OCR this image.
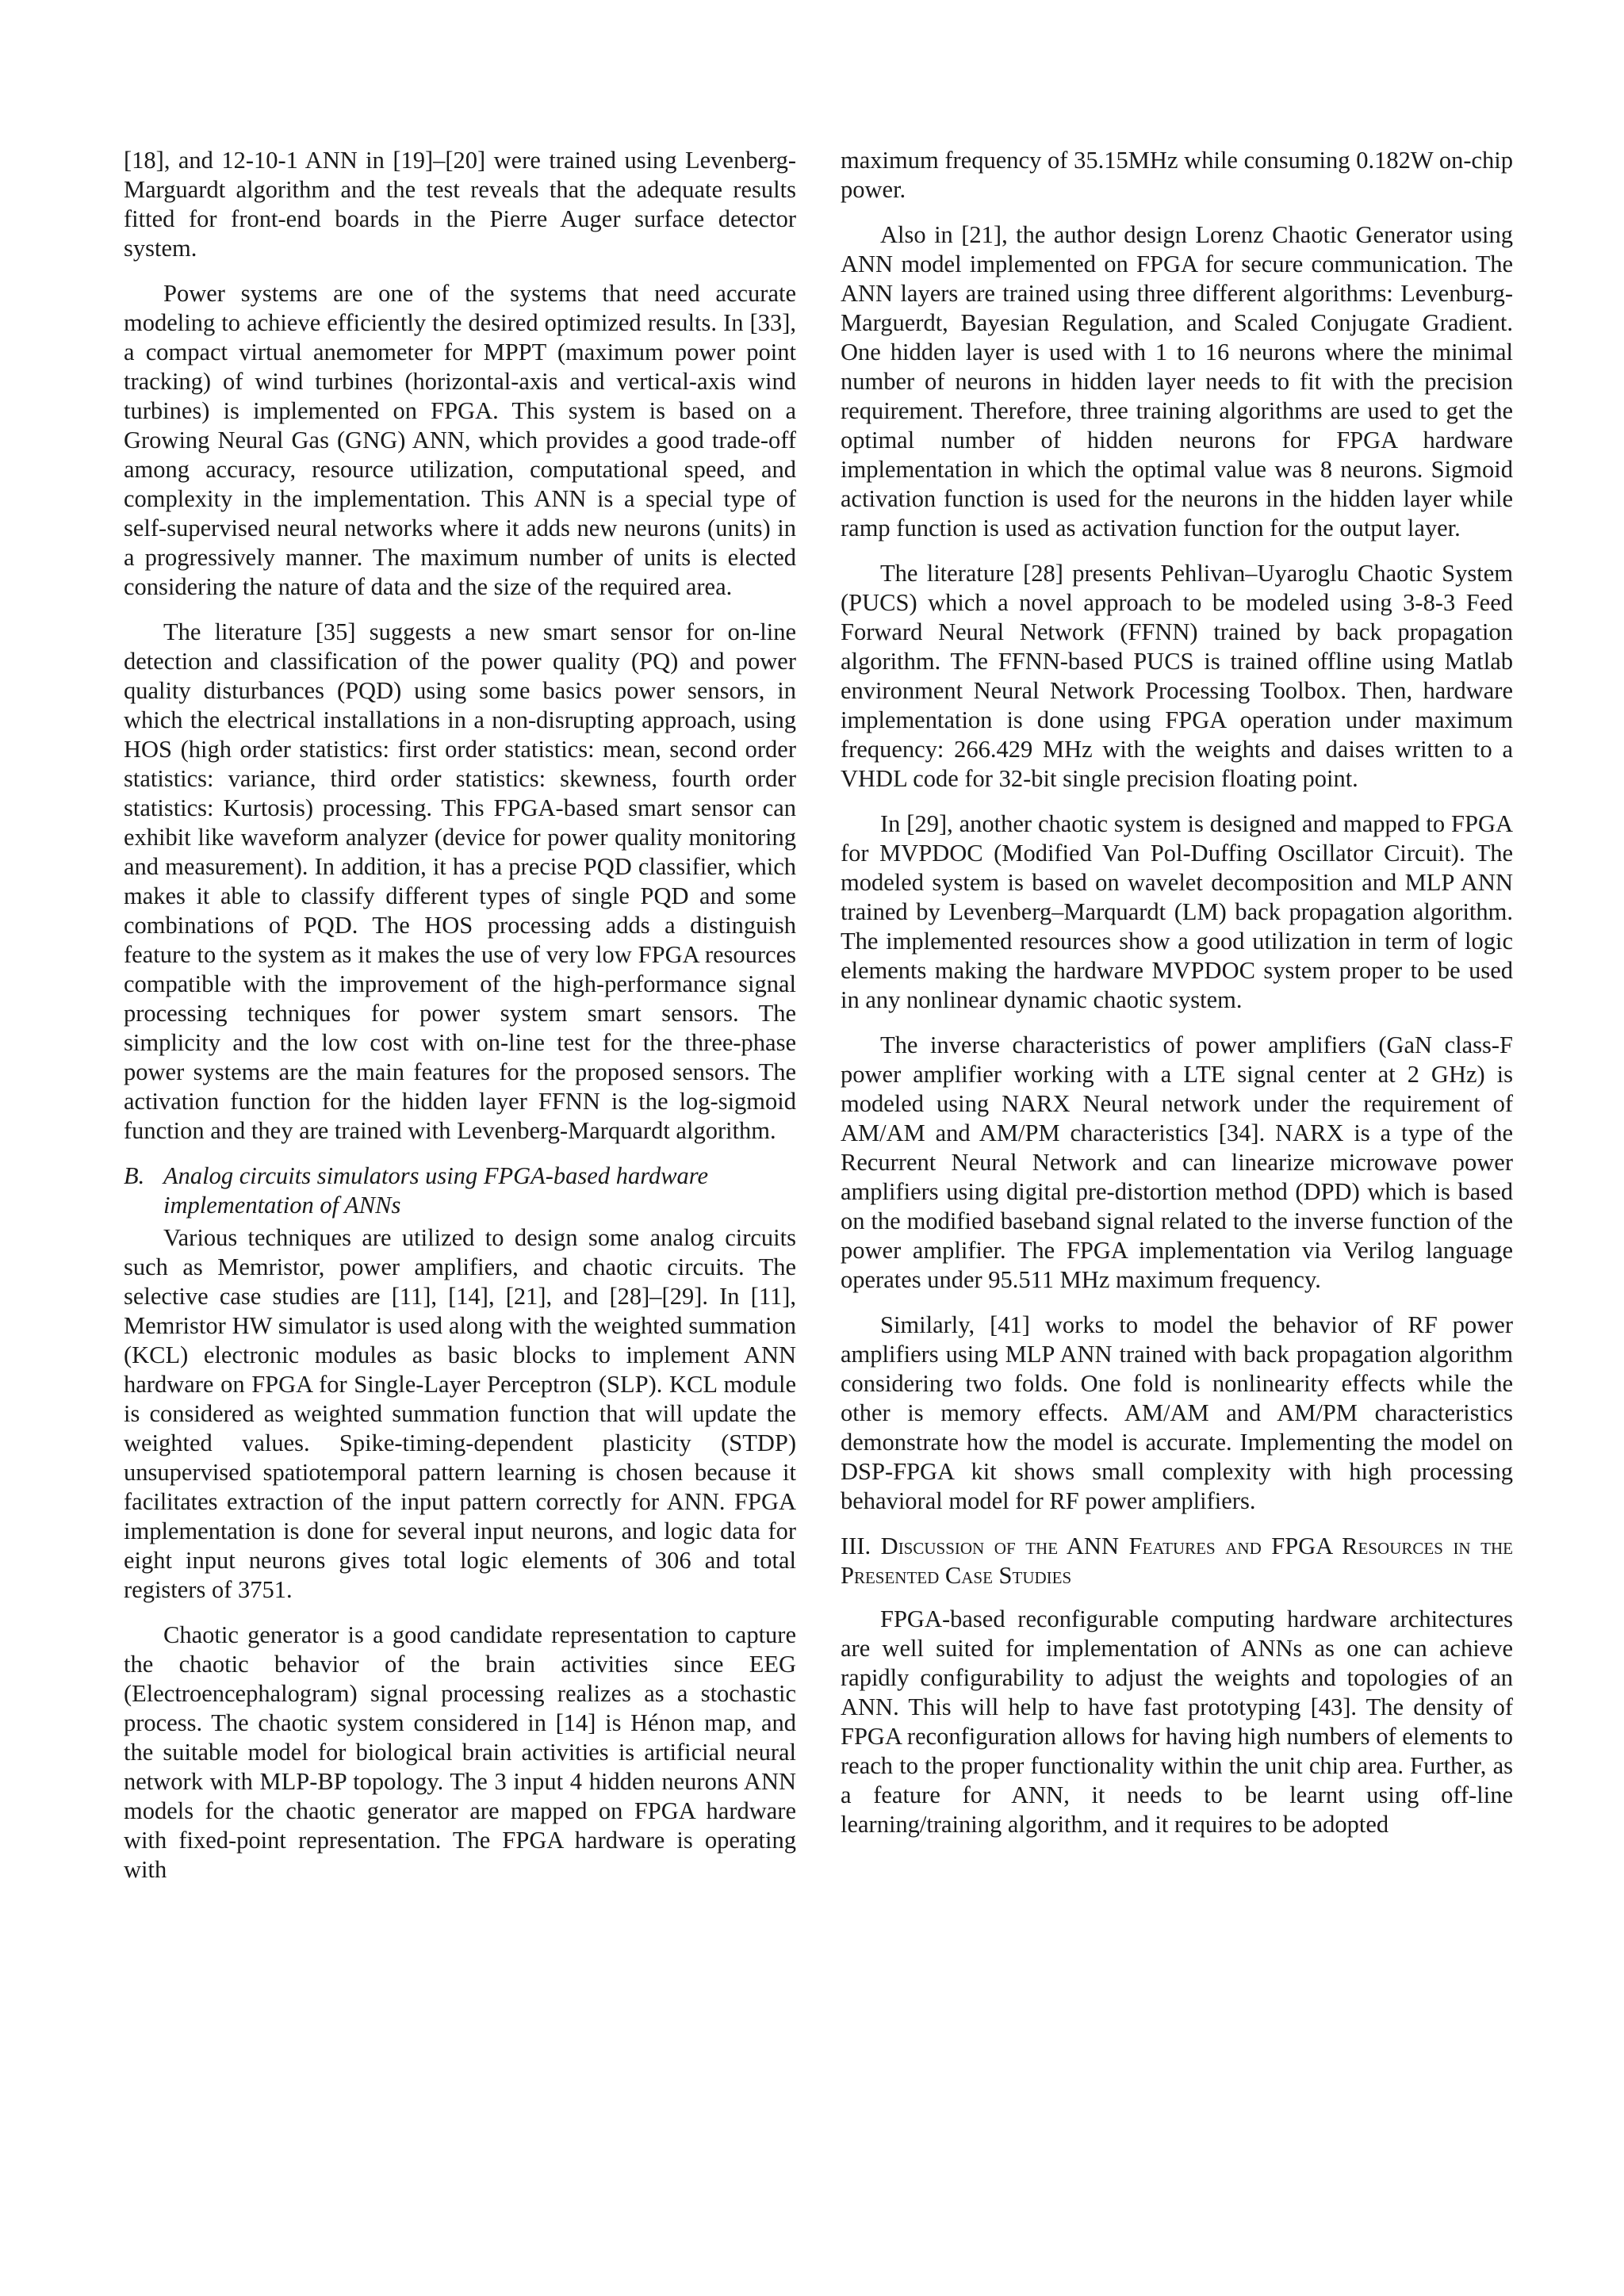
[18], and 12-10-1 ANN in [19]–[20] were trained using Levenberg-Marguardt algorithm and the test reveals that the adequate results fitted for front-end boards in the Pierre Auger surface detector system.

Power systems are one of the systems that need accurate modeling to achieve efficiently the desired optimized results. In [33], a compact virtual anemometer for MPPT (maximum power point tracking) of wind turbines (horizontal-axis and vertical-axis wind turbines) is implemented on FPGA. This system is based on a Growing Neural Gas (GNG) ANN, which provides a good trade-off among accuracy, resource utilization, computational speed, and complexity in the implementation. This ANN is a special type of self-supervised neural networks where it adds new neurons (units) in a progressively manner. The maximum number of units is elected considering the nature of data and the size of the required area.

The literature [35] suggests a new smart sensor for on-line detection and classification of the power quality (PQ) and power quality disturbances (PQD) using some basics power sensors, in which the electrical installations in a non-disrupting approach, using HOS (high order statistics: first order statistics: mean, second order statistics: variance, third order statistics: skewness, fourth order statistics: Kurtosis) processing. This FPGA-based smart sensor can exhibit like waveform analyzer (device for power quality monitoring and measurement). In addition, it has a precise PQD classifier, which makes it able to classify different types of single PQD and some combinations of PQD. The HOS processing adds a distinguish feature to the system as it makes the use of very low FPGA resources compatible with the improvement of the high-performance signal processing techniques for power system smart sensors. The simplicity and the low cost with on-line test for the three-phase power systems are the main features for the proposed sensors. The activation function for the hidden layer FFNN is the log-sigmoid function and they are trained with Levenberg-Marquardt algorithm.

B. Analog circuits simulators using FPGA-based hardware implementation of ANNs

Various techniques are utilized to design some analog circuits such as Memristor, power amplifiers, and chaotic circuits. The selective case studies are [11], [14], [21], and [28]–[29]. In [11], Memristor HW simulator is used along with the weighted summation (KCL) electronic modules as basic blocks to implement ANN hardware on FPGA for Single-Layer Perceptron (SLP). KCL module is considered as weighted summation function that will update the weighted values. Spike-timing-dependent plasticity (STDP) unsupervised spatiotemporal pattern learning is chosen because it facilitates extraction of the input pattern correctly for ANN. FPGA implementation is done for several input neurons, and logic data for eight input neurons gives total logic elements of 306 and total registers of 3751.

Chaotic generator is a good candidate representation to capture the chaotic behavior of the brain activities since EEG (Electroencephalogram) signal processing realizes as a stochastic process. The chaotic system considered in [14] is Hénon map, and the suitable model for biological brain activities is artificial neural network with MLP-BP topology. The 3 input 4 hidden neurons ANN models for the chaotic generator are mapped on FPGA hardware with fixed-point representation. The FPGA hardware is operating with

maximum frequency of 35.15MHz while consuming 0.182W on-chip power.

Also in [21], the author design Lorenz Chaotic Generator using ANN model implemented on FPGA for secure communication. The ANN layers are trained using three different algorithms: Levenburg-Marguerdt, Bayesian Regulation, and Scaled Conjugate Gradient. One hidden layer is used with 1 to 16 neurons where the minimal number of neurons in hidden layer needs to fit with the precision requirement. Therefore, three training algorithms are used to get the optimal number of hidden neurons for FPGA hardware implementation in which the optimal value was 8 neurons. Sigmoid activation function is used for the neurons in the hidden layer while ramp function is used as activation function for the output layer.

The literature [28] presents Pehlivan–Uyaroglu Chaotic System (PUCS) which a novel approach to be modeled using 3-8-3 Feed Forward Neural Network (FFNN) trained by back propagation algorithm. The FFNN-based PUCS is trained offline using Matlab environment Neural Network Processing Toolbox. Then, hardware implementation is done using FPGA operation under maximum frequency: 266.429 MHz with the weights and daises written to a VHDL code for 32-bit single precision floating point.

In [29], another chaotic system is designed and mapped to FPGA for MVPDOC (Modified Van Pol-Duffing Oscillator Circuit). The modeled system is based on wavelet decomposition and MLP ANN trained by Levenberg–Marquardt (LM) back propagation algorithm. The implemented resources show a good utilization in term of logic elements making the hardware MVPDOC system proper to be used in any nonlinear dynamic chaotic system.

The inverse characteristics of power amplifiers (GaN class-F power amplifier working with a LTE signal center at 2 GHz) is modeled using NARX Neural network under the requirement of AM/AM and AM/PM characteristics [34]. NARX is a type of the Recurrent Neural Network and can linearize microwave power amplifiers using digital pre-distortion method (DPD) which is based on the modified baseband signal related to the inverse function of the power amplifier. The FPGA implementation via Verilog language operates under 95.511 MHz maximum frequency.

Similarly, [41] works to model the behavior of RF power amplifiers using MLP ANN trained with back propagation algorithm considering two folds. One fold is nonlinearity effects while the other is memory effects. AM/AM and AM/PM characteristics demonstrate how the model is accurate. Implementing the model on DSP-FPGA kit shows small complexity with high processing behavioral model for RF power amplifiers.

III. Discussion of the ANN Features and FPGA Resources in the Presented Case Studies

FPGA-based reconfigurable computing hardware architectures are well suited for implementation of ANNs as one can achieve rapidly configurability to adjust the weights and topologies of an ANN. This will help to have fast prototyping [43]. The density of FPGA reconfiguration allows for having high numbers of elements to reach to the proper functionality within the unit chip area. Further, as a feature for ANN, it needs to be learnt using off-line learning/training algorithm, and it requires to be adopted
